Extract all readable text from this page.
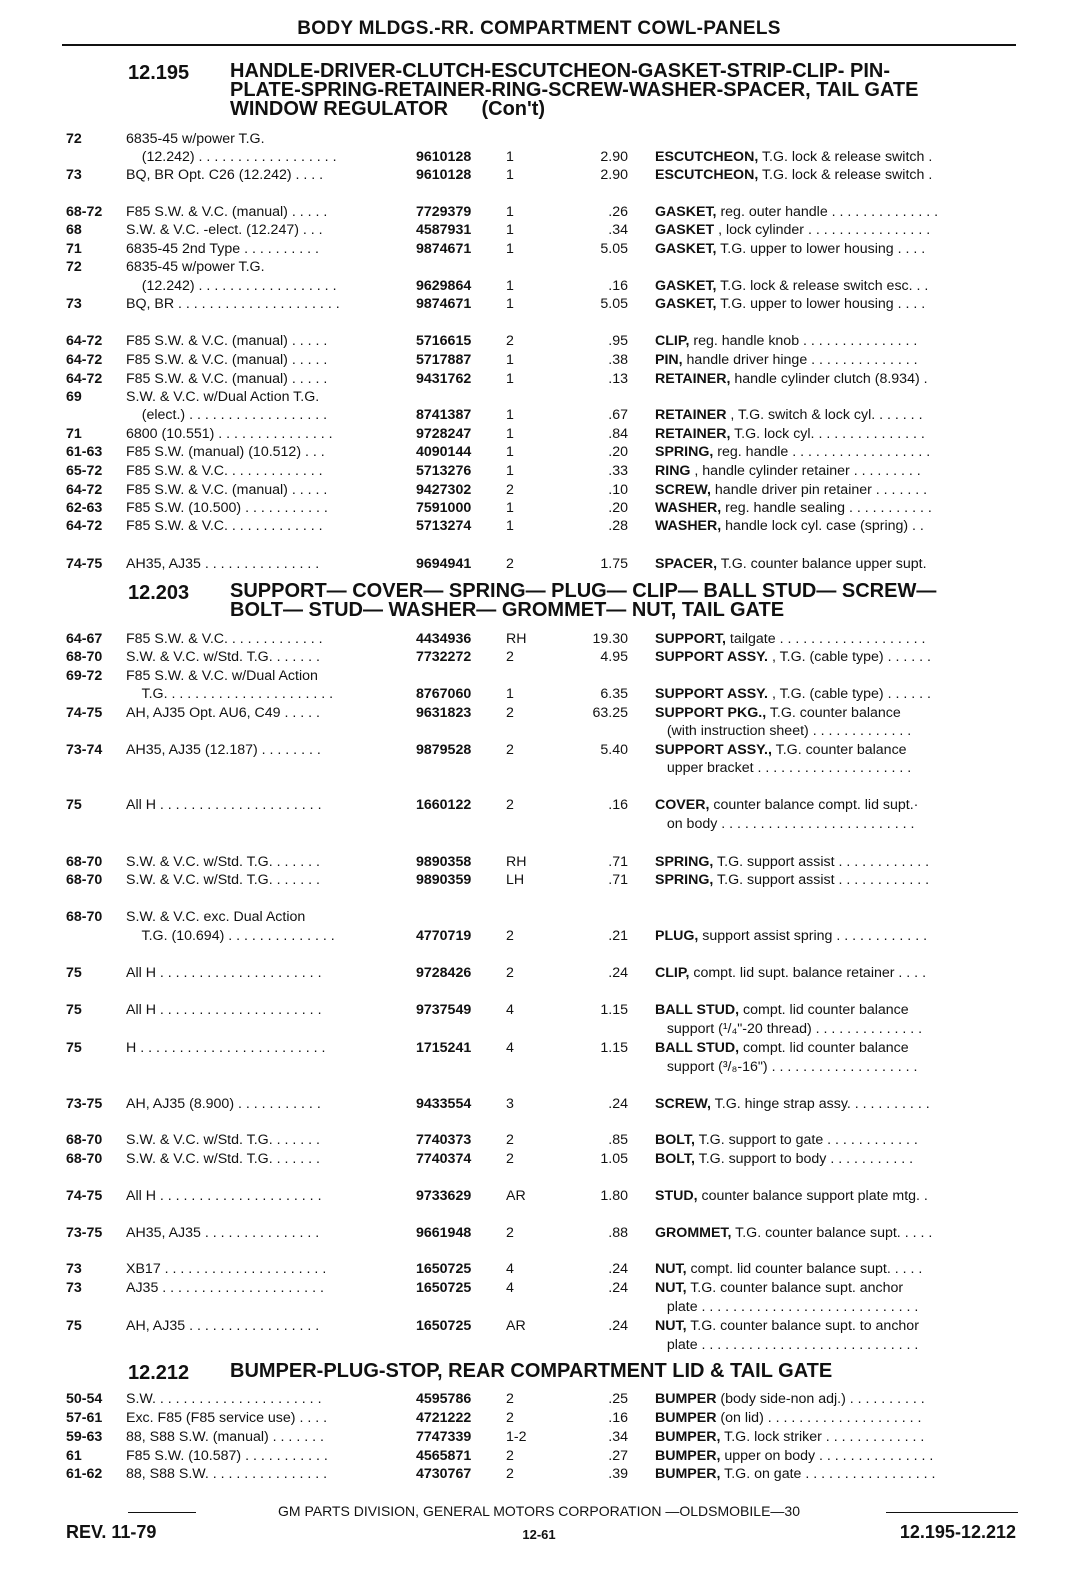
BODY MLDGS.-RR. COMPARTMENT COWL-PANELS
12.195 HANDLE-DRIVER-CLUTCH-ESCUTCHEON-GASKET-STRIP-CLIP- PIN-
PLATE-SPRING-RETAINER-RING-SCREW-WASHER-SPACER, TAIL GATE
WINDOW REGULATOR      (Con't)
12.203 SUPPORT— COVER— SPRING— PLUG— CLIP— BALL STUD— SCREW—
BOLT— STUD— WASHER— GROMMET— NUT, TAIL GATE
12.212 BUMPER-PLUG-STOP, REAR COMPARTMENT LID & TAIL GATE
72	6835-45 w/power T.G.
(12.242) . . . . . . . . . . . . . . . . . .	9610128 1	2.90 ESCUTCHEON, T.G. lock & release switch .
73	BQ, BR Opt. C26 (12.242) . . . .	9610128 1	2.90 ESCUTCHEON, T.G. lock & release switch .
68-72 F85 S.W. & V.C. (manual) . . . . .	7729379 1	.26 GASKET, reg. outer handle . . . . . . . . . . . . . .
68	S.W. & V.C. -elect. (12.247) . . .	4587931 1	.34 GASKET , lock cylinder . . . . . . . . . . . . . . . .
71	6835-45 2nd Type . . . . . . . . . .	9874671 1	5.05 GASKET, T.G. upper to lower housing . . . .
72	6835-45 w/power T.G.
(12.242) . . . . . . . . . . . . . . . . . .	9629864 1	.16 GASKET, T.G. lock & release switch esc. . .
73	BQ, BR . . . . . . . . . . . . . . . . . . . . .	9874671 1	5.05 GASKET, T.G. upper to lower housing . . . .
64-72 F85 S.W. & V.C. (manual) . . . . .	5716615 2	.95 CLIP, reg. handle knob . . . . . . . . . . . . . . .
64-72 F85 S.W. & V.C. (manual) . . . . .	5717887 1	.38 PIN, handle driver hinge . . . . . . . . . . . . . .
64-72 F85 S.W. & V.C. (manual) . . . . .	9431762 1	.13 RETAINER, handle cylinder clutch (8.934) .
69	S.W. & V.C. w/Dual Action T.G.
(elect.) . . . . . . . . . . . . . . . . . .	8741387 1	.67 RETAINER , T.G. switch & lock cyl. . . . . . .
71	6800 (10.551) . . . . . . . . . . . . . . .	9728247 1	.84 RETAINER, T.G. lock cyl. . . . . . . . . . . . . . .
61-63 F85 S.W. (manual) (10.512) . . .	4090144 1	.20 SPRING, reg. handle . . . . . . . . . . . . . . . . . .
65-72 F85 S.W. & V.C. . . . . . . . . . . . .	5713276 1	.33 RING , handle cylinder retainer . . . . . . . . .
64-72 F85 S.W. & V.C. (manual) . . . . .	9427302 2	.10 SCREW, handle driver pin retainer . . . . . . .
62-63 F85 S.W. (10.500) . . . . . . . . . . .	7591000 1	.20 WASHER, reg. handle sealing . . . . . . . . . . .
64-72 F85 S.W. & V.C. . . . . . . . . . . . .	5713274 1	.28 WASHER, handle lock cyl. case (spring) . .
74-75 AH35, AJ35 . . . . . . . . . . . . . . .	9694941 2	1.75 SPACER, T.G. counter balance upper supt.
64-67 F85 S.W. & V.C. . . . . . . . . . . . .	4434936 RH	19.30 SUPPORT, tailgate . . . . . . . . . . . . . . . . . . .
68-70 S.W. & V.C. w/Std. T.G. . . . . . .	7732272 2	4.95 SUPPORT ASSY. , T.G. (cable type) . . . . . .
69-72 F85 S.W. & V.C. w/Dual Action
T.G. . . . . . . . . . . . . . . . . . . . . .	8767060 1	6.35 SUPPORT ASSY. , T.G. (cable type) . . . . . .
74-75 AH, AJ35 Opt. AU6, C49 . . . . .	9631823 2	63.25 SUPPORT PKG., T.G. counter balance
(with instruction sheet) . . . . . . . . . . . . .
73-74 AH35, AJ35 (12.187) . . . . . . . .	9879528 2	5.40 SUPPORT ASSY., T.G. counter balance
upper bracket . . . . . . . . . . . . . . . . . . . .
75	All H . . . . . . . . . . . . . . . . . . . . .	1660122 2	.16 COVER, counter balance compt. lid supt.·
on body . . . . . . . . . . . . . . . . . . . . . . . . .
68-70 S.W. & V.C. w/Std. T.G. . . . . . .	9890358 RH	.71 SPRING, T.G. support assist . . . . . . . . . . . .
68-70 S.W. & V.C. w/Std. T.G. . . . . . .	9890359 LH	.71 SPRING, T.G. support assist . . . . . . . . . . . .
68-70 S.W. & V.C. exc. Dual Action
T.G. (10.694) . . . . . . . . . . . . . .	4770719 2	.21 PLUG, support assist spring . . . . . . . . . . . .
75	All H . . . . . . . . . . . . . . . . . . . . .	9728426 2	.24 CLIP, compt. lid supt. balance retainer . . . .
75	All H . . . . . . . . . . . . . . . . . . . . .	9737549 4	1.15 BALL STUD, compt. lid counter balance
support (¹/₄"-20 thread) . . . . . . . . . . . . . .
75	H . . . . . . . . . . . . . . . . . . . . . . . .	1715241 4	1.15 BALL STUD, compt. lid counter balance
support (³/₈-16") . . . . . . . . . . . . . . . . . . .
73-75 AH, AJ35 (8.900) . . . . . . . . . . .	9433554 3	.24 SCREW, T.G. hinge strap assy. . . . . . . . . . .
68-70 S.W. & V.C. w/Std. T.G. . . . . . .	7740373 2	.85 BOLT, T.G. support to gate . . . . . . . . . . . .
68-70 S.W. & V.C. w/Std. T.G. . . . . . .	7740374 2	1.05 BOLT, T.G. support to body . . . . . . . . . . .
74-75 All H . . . . . . . . . . . . . . . . . . . . .	9733629 AR	1.80 STUD, counter balance support plate mtg. .
73-75 AH35, AJ35 . . . . . . . . . . . . . . .	9661948 2	.88 GROMMET, T.G. counter balance supt. . . . .
73	XB17 . . . . . . . . . . . . . . . . . . . . .	1650725 4	.24 NUT, compt. lid counter balance supt. . . . .
73	AJ35 . . . . . . . . . . . . . . . . . . . . .	1650725 4	.24 NUT, T.G. counter balance supt. anchor
plate . . . . . . . . . . . . . . . . . . . . . . . . . . . .
75	AH, AJ35 . . . . . . . . . . . . . . . . .	1650725 AR	.24 NUT, T.G. counter balance supt. to anchor
plate . . . . . . . . . . . . . . . . . . . . . . . . . . . .
50-54 S.W. . . . . . . . . . . . . . . . . . . . . .	4595786 2	.25 BUMPER (body side-non adj.) . . . . . . . . . .
57-61 Exc. F85 (F85 service use) . . . .	4721222 2	.16 BUMPER (on lid) . . . . . . . . . . . . . . . . . . . .
59-63 88, S88 S.W. (manual) . . . . . . .	7747339 1-2	.34 BUMPER, T.G. lock striker . . . . . . . . . . . . .
61	F85 S.W. (10.587) . . . . . . . . . . .	4565871 2	.27 BUMPER, upper on body . . . . . . . . . . . . . . .
61-62 88, S88 S.W. . . . . . . . . . . . . . . .	4730767 2	.39 BUMPER, T.G. on gate . . . . . . . . . . . . . . . . .
GM PARTS DIVISION, GENERAL MOTORS CORPORATION —OLDSMOBILE—30
REV. 11-79	12-61	12.195-12.212
